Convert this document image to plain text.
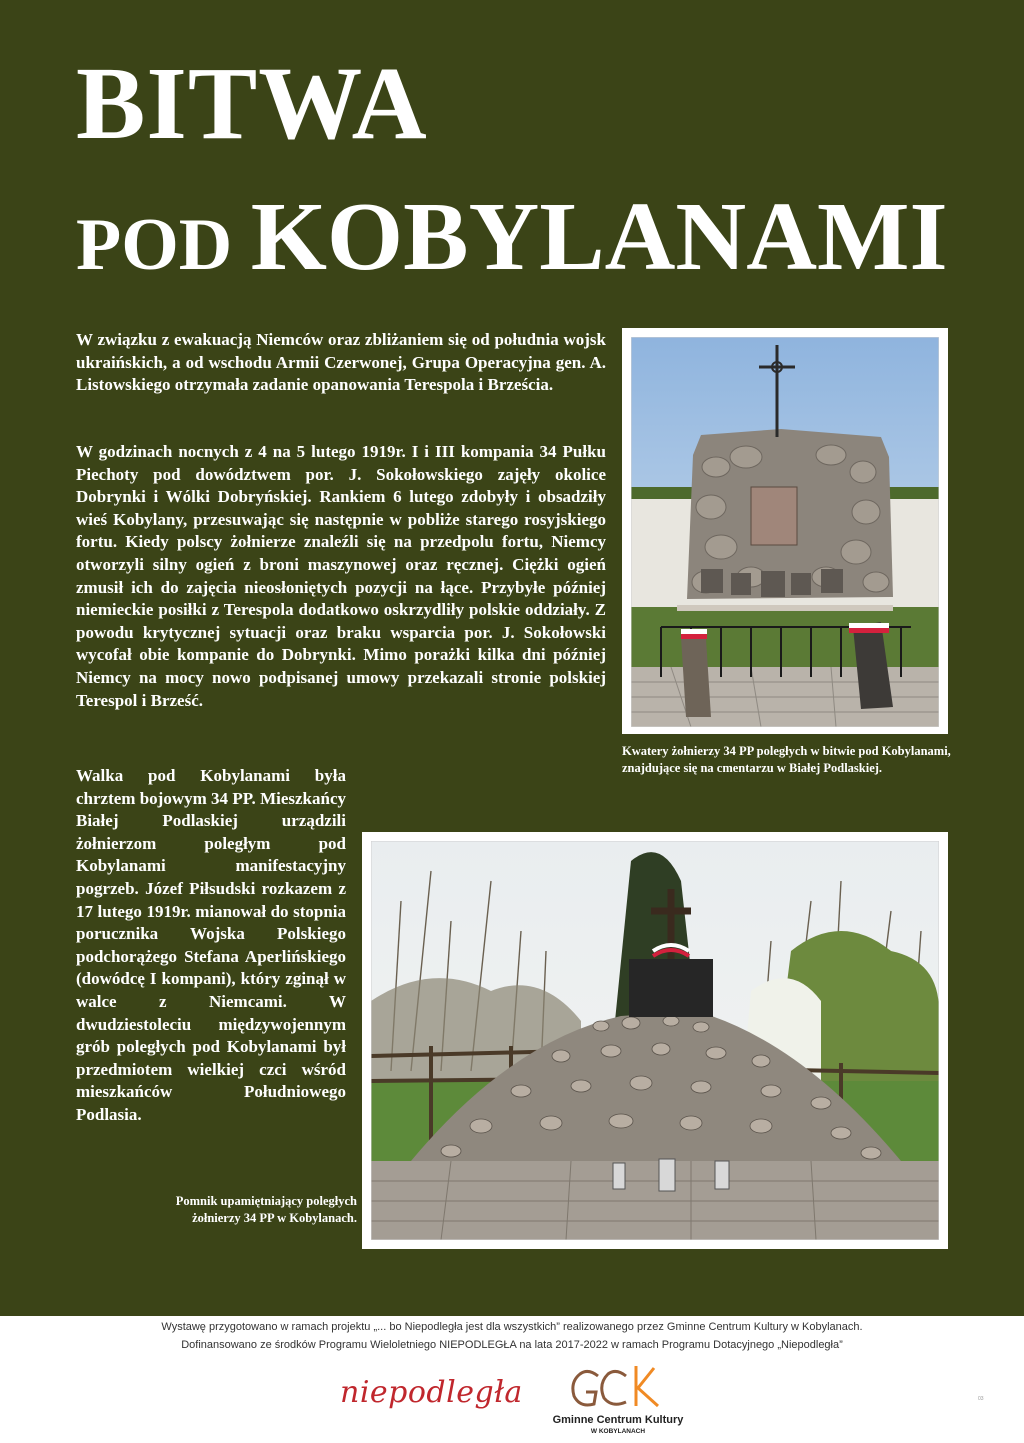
BITWA
POD KOBYLANAMI

W związku z ewakuacją Niemców oraz zbliżaniem się od południa wojsk ukraińskich, a od wschodu Armii Czerwonej, Grupa Operacyjna gen. A. Listowskiego otrzymała zadanie opanowania Terespola i Brześcia.

W godzinach nocnych z 4 na 5 lutego 1919r. I i III kompania 34 Pułku Piechoty pod dowództwem por. J. Sokołowskiego zajęły okolice Dobrynki i Wólki Dobryńskiej. Rankiem 6 lutego zdobyły i obsadziły wieś Kobylany, przesuwając się następnie w pobliże starego rosyjskiego fortu. Kiedy polscy żołnierze znaleźli się na przedpolu fortu, Niemcy otworzyli silny ogień z broni maszynowej oraz ręcznej. Ciężki ogień zmusił ich do zajęcia nieosłoniętych pozycji na łące. Przybyłe później niemieckie posiłki z Terespola dodatkowo oskrzydliły polskie oddziały. Z powodu krytycznej sytuacji oraz braku wsparcia por. J. Sokołowski wycofał obie kompanie do Dobrynki. Mimo porażki kilka dni później Niemcy na mocy nowo podpisanej umowy przekazali stronie polskiej Terespol i Brześć.

Walka pod Kobylanami była chrztem bojowym 34 PP. Mieszkańcy Białej Podlaskiej urządzili żołnierzom poległym pod Kobylanami manifestacyjny pogrzeb. Józef Piłsudski rozkazem z 17 lutego 1919r. mianował do stopnia porucznika Wojska Polskiego podchorążego Stefana Aperlińskiego (dowódcę I kompani), który zginął w walce z Niemcami. W dwudziestoleciu międzywojennym grób poległych pod Kobylanami był przedmiotem wielkiej czci wśród mieszkańców Południowego Podlasia.

Kwatery żołnierzy 34 PP poległych w bitwie pod Kobylanami, znajdujące się na cmentarzu w Białej Podlaskiej.

Pomnik upamiętniający poległych żołnierzy 34 PP w Kobylanach.

Wystawę przygotowano w ramach projektu „... bo Niepodległa jest dla wszystkich” realizowanego przez Gminne Centrum Kultury w Kobylanach.

Dofinansowano ze środków Programu Wieloletniego NIEPODLEGŁA na lata 2017-2022 w ramach Programu Dotacyjnego „Niepodległa”

niepodległa
Gminne Centrum Kultury
W KOBYLANACH
03
